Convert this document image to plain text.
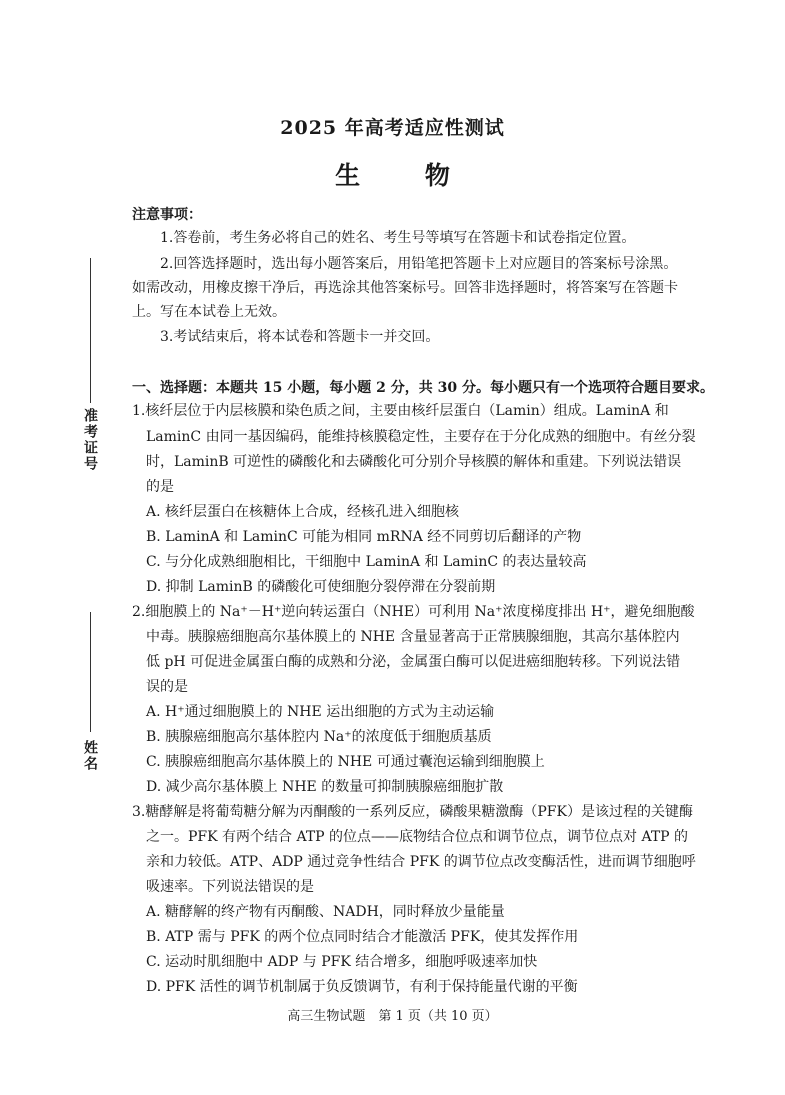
2025 年高考适应性测试
生 物
准考证号
姓名
注意事项：
1.答卷前，考生务必将自己的姓名、考生号等填写在答题卡和试卷指定位置。
2.回答选择题时，选出每小题答案后，用铅笔把答题卡上对应题目的答案标号涂黑。
如需改动，用橡皮擦干净后，再选涂其他答案标号。回答非选择题时，将答案写在答题卡
上。写在本试卷上无效。
3.考试结束后，将本试卷和答题卡一并交回。
一、选择题：本题共 15 小题，每小题 2 分，共 30 分。每小题只有一个选项符合题目要求。
1.核纤层位于内层核膜和染色质之间，主要由核纤层蛋白（Lamin）组成。LaminA 和
LaminC 由同一基因编码，能维持核膜稳定性，主要存在于分化成熟的细胞中。有丝分裂
时，LaminB 可逆性的磷酸化和去磷酸化可分别介导核膜的解体和重建。下列说法错误
的是
A. 核纤层蛋白在核糖体上合成，经核孔进入细胞核
B. LaminA 和 LaminC 可能为相同 mRNA 经不同剪切后翻译的产物
C. 与分化成熟细胞相比，干细胞中 LaminA 和 LaminC 的表达量较高
D. 抑制 LaminB 的磷酸化可使细胞分裂停滞在分裂前期
2.细胞膜上的 Na⁺－H⁺逆向转运蛋白（NHE）可利用 Na⁺浓度梯度排出 H⁺，避免细胞酸
中毒。胰腺癌细胞高尔基体膜上的 NHE 含量显著高于正常胰腺细胞，其高尔基体腔内
低 pH 可促进金属蛋白酶的成熟和分泌，金属蛋白酶可以促进癌细胞转移。下列说法错
误的是
A. H⁺通过细胞膜上的 NHE 运出细胞的方式为主动运输
B. 胰腺癌细胞高尔基体腔内 Na⁺的浓度低于细胞质基质
C. 胰腺癌细胞高尔基体膜上的 NHE 可通过囊泡运输到细胞膜上
D. 减少高尔基体膜上 NHE 的数量可抑制胰腺癌细胞扩散
3.糖酵解是将葡萄糖分解为丙酮酸的一系列反应，磷酸果糖激酶（PFK）是该过程的关键酶
之一。PFK 有两个结合 ATP 的位点——底物结合位点和调节位点，调节位点对 ATP 的
亲和力较低。ATP、ADP 通过竞争性结合 PFK 的调节位点改变酶活性，进而调节细胞呼
吸速率。下列说法错误的是
A. 糖酵解的终产物有丙酮酸、NADH，同时释放少量能量
B. ATP 需与 PFK 的两个位点同时结合才能激活 PFK，使其发挥作用
C. 运动时肌细胞中 ADP 与 PFK 结合增多，细胞呼吸速率加快
D. PFK 活性的调节机制属于负反馈调节，有利于保持能量代谢的平衡
高三生物试题　第 1 页（共 10 页）
